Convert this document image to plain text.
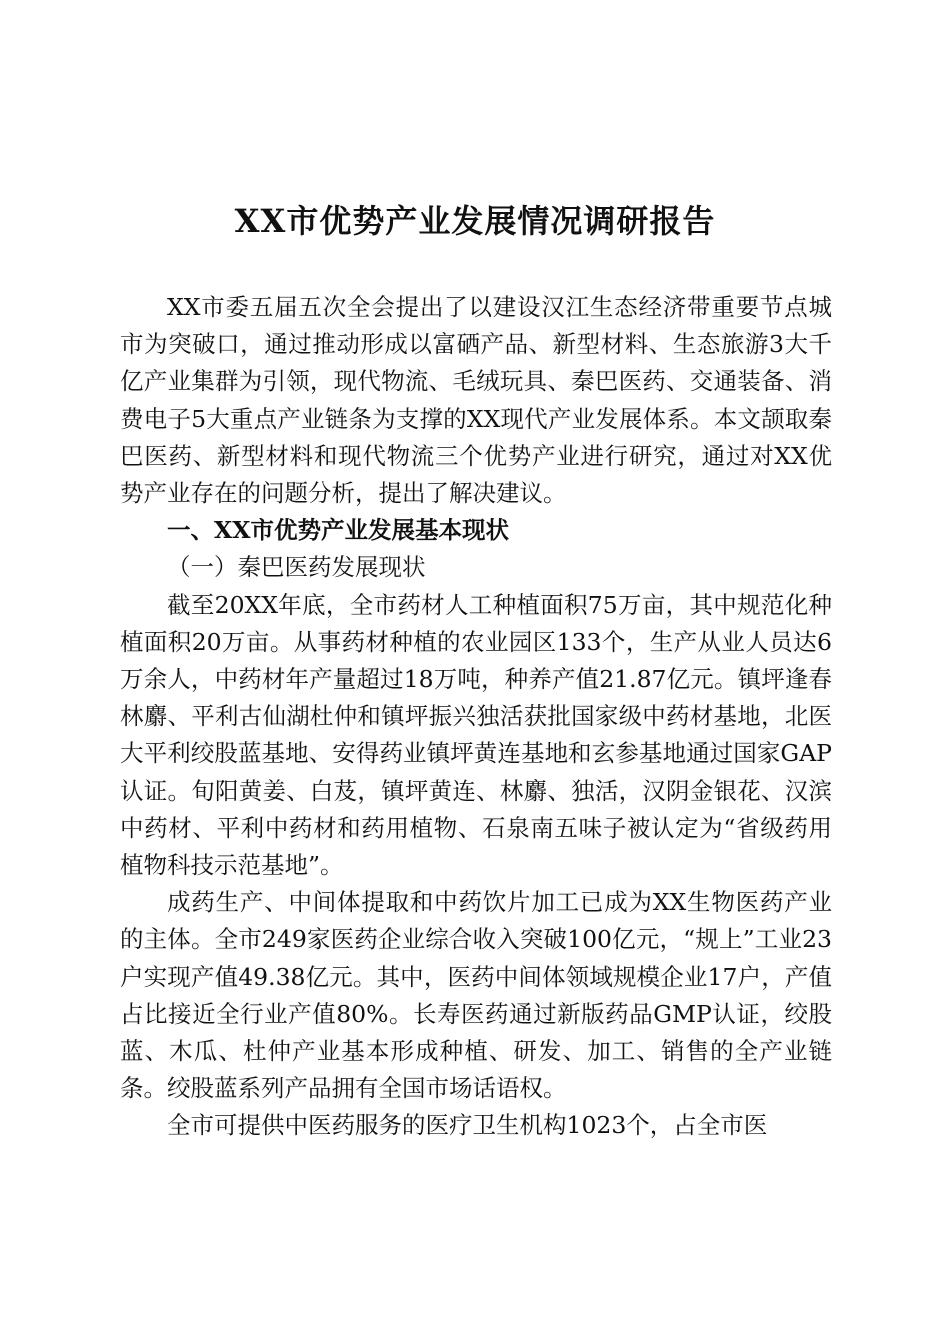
XX市优势产业发展情况调研报告

XX市委五届五次全会提出了以建设汉江生态经济带重要节点城市为突破口，通过推动形成以富硒产品、新型材料、生态旅游3大千亿产业集群为引领，现代物流、毛绒玩具、秦巴医药、交通装备、消费电子5大重点产业链条为支撑的XX现代产业发展体系。本文颉取秦巴医药、新型材料和现代物流三个优势产业进行研究，通过对XX优势产业存在的问题分析，提出了解决建议。

一、XX市优势产业发展基本现状
（一）秦巴医药发展现状

截至20XX年底，全市药材人工种植面积75万亩，其中规范化种植面积20万亩。从事药材种植的农业园区133个，生产从业人员达6万余人，中药材年产量超过18万吨，种养产值21.87亿元。镇坪逢春林麝、平利古仙湖杜仲和镇坪振兴独活获批国家级中药材基地，北医大平利绞股蓝基地、安得药业镇坪黄连基地和玄参基地通过国家GAP认证。旬阳黄姜、白芨，镇坪黄连、林麝、独活，汉阴金银花、汉滨中药材、平利中药材和药用植物、石泉南五味子被认定为“省级药用植物科技示范基地”。

成药生产、中间体提取和中药饮片加工已成为XX生物医药产业的主体。全市249家医药企业综合收入突破100亿元，“规上”工业23户实现产值49.38亿元。其中，医药中间体领域规模企业17户，产值占比接近全行业产值80%。长寿医药通过新版药品GMP认证，绞股蓝、木瓜、杜仲产业基本形成种植、研发、加工、销售的全产业链条。绞股蓝系列产品拥有全国市场话语权。

全市可提供中医药服务的医疗卫生机构1023个，占全市医
